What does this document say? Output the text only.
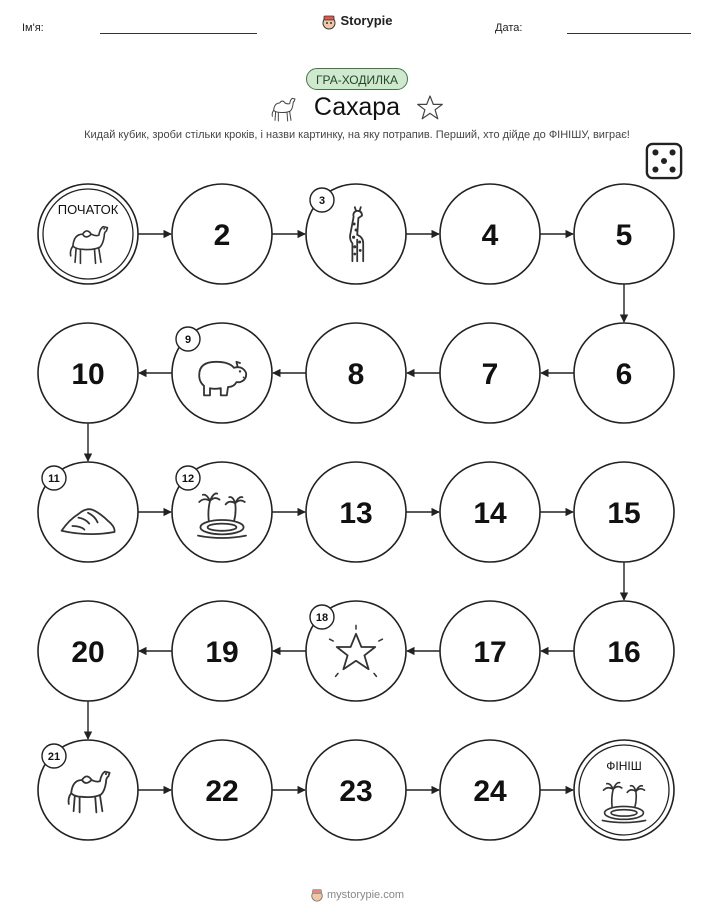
Ім'я:	Storypie	Дата:
ГРА-ХОДИЛКА
Сахара
Кидай кубик, зроби стільки кроків, і назви картинку, на яку потрапив. Перший, хто дійде до ФІНІШУ, виграє!
ПОЧАТОК
2
3
4	5
6
7
8
9
10
11	12
13	14	15
16
17
18
19
20
21
22	23	24
ФІНІШ
mystorypie.com
